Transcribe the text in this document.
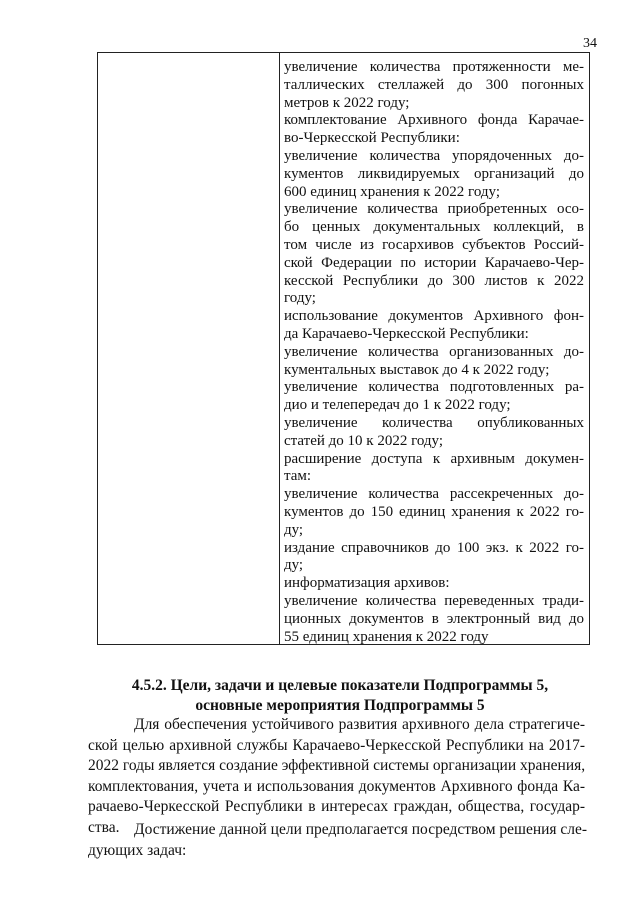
34
увеличение количества протяженности ме-
таллических стеллажей до 300 погонных
метров к 2022 году;
комплектование Архивного фонда Карачае-
во-Черкесской Республики:
увеличение количества упорядоченных до-
кументов ликвидируемых организаций до
600 единиц хранения к 2022 году;
увеличение количества приобретенных осо-
бо ценных документальных коллекций, в
том числе из госархивов субъектов Россий-
ской Федерации по истории Карачаево-Чер-
кесской Республики до 300 листов к 2022
году;
использование документов Архивного фон-
да Карачаево-Черкесской Республики:
увеличение количества организованных до-
кументальных выставок до 4 к 2022 году;
увеличение количества подготовленных ра-
дио и телепередач до 1 к 2022 году;
увеличение количества опубликованных
статей до 10 к 2022 году;
расширение доступа к архивным докумен-
там:
увеличение количества рассекреченных до-
кументов до 150 единиц хранения к 2022 го-
ду;
издание справочников до 100 экз. к 2022 го-
ду;
информатизация архивов:
увеличение количества переведенных тради-
ционных документов в электронный вид до
55 единиц хранения к 2022 году
4.5.2. Цели, задачи и целевые показатели Подпрограммы 5,
основные мероприятия Подпрограммы 5
Для обеспечения устойчивого развития архивного дела стратегиче-
ской целью архивной службы Карачаево-Черкесской Республики на 2017-
2022 годы является создание эффективной системы организации хранения,
комплектования, учета и использования документов Архивного фонда Ка-
рачаево-Черкесской Республики в интересах граждан, общества, государ-
ства. Достижение данной цели предполагается посредством решения сле-
дующих задач:
